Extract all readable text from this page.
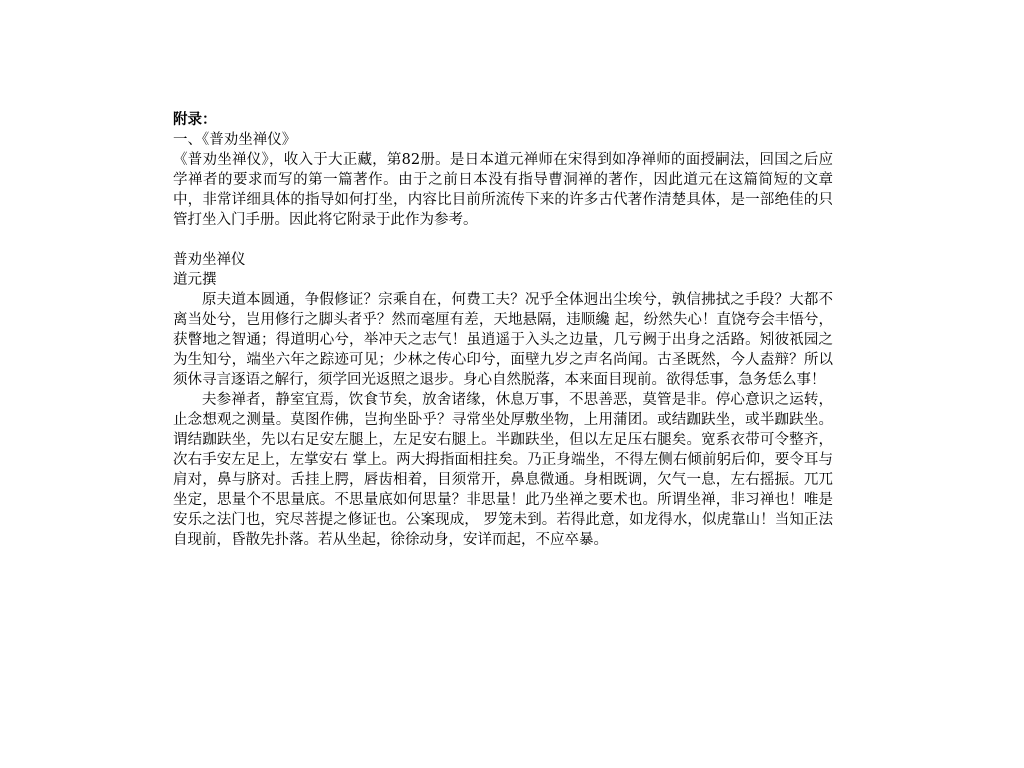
附录：

一、《普劝坐禅仪》

《普劝坐禅仪》，收入于大正藏，第82册。是日本道元禅师在宋得到如净禅师的面授嗣法，回国之后应学禅者的要求而写的第一篇著作。由于之前日本没有指导曹洞禅的著作，因此道元在这篇简短的文章中，非常详细具体的指导如何打坐，内容比目前所流传下来的许多古代著作清楚具体，是一部绝佳的只管打坐入门手册。因此将它附录于此作为参考。

普劝坐禅仪

道元撰

原夫道本圆通，争假修证？宗乘自在，何费工夫？况乎全体迥出尘埃兮，孰信拂拭之手段？大都不离当处兮，岂用修行之脚头者乎？然而毫厘有差，天地悬隔，违顺纔 起，纷然失心！直饶夸会丰悟兮，获瞥地之智通；得道明心兮，举冲天之志气！虽逍遥于入头之边量，几亏阙于出身之活路。矧彼祇园之为生知兮，端坐六年之踪迹可见；少林之传心印兮，面壁九岁之声名尚闻。古圣既然，今人盍辩？所以须休寻言逐语之解行，须学回光返照之退步。身心自然脱落，本来面目现前。欲得恁事，急务恁么事！

夫参禅者，静室宜焉，饮食节矣，放舍诸缘，休息万事，不思善恶，莫管是非。停心意识之运转，止念想观之测量。莫图作佛，岂拘坐卧乎？寻常坐处厚敷坐物，上用蒲团。或结跏趺坐，或半跏趺坐。谓结跏趺坐，先以右足安左腿上，左足安右腿上。半跏趺坐，但以左足压右腿矣。宽系衣带可令整齐，次右手安左足上，左掌安右 掌上。两大拇指面相拄矣。乃正身端坐，不得左侧右倾前躬后仰，要令耳与肩对，鼻与脐对。舌挂上腭，唇齿相着，目须常开，鼻息微通。身相既调，欠气一息，左右摇振。兀兀坐定，思量个不思量底。不思量底如何思量？非思量！此乃坐禅之要术也。所谓坐禅，非习禅也！唯是安乐之法门也，究尽菩提之修证也。公案现成， 罗笼未到。若得此意，如龙得水，似虎靠山！当知正法自现前，昏散先扑落。若从坐起，徐徐动身，安详而起，不应卒暴。
